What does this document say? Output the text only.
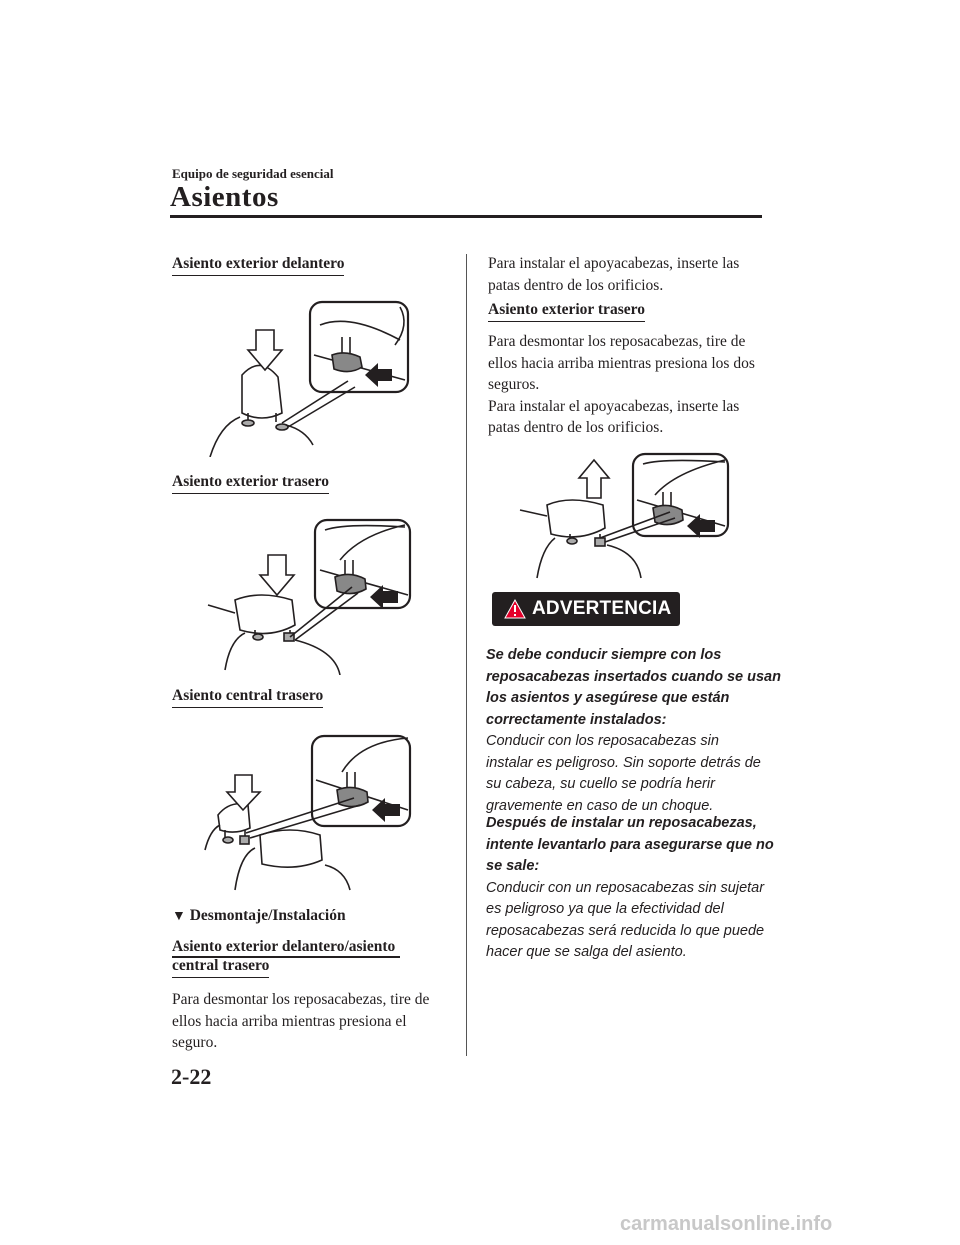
Equipo de seguridad esencial
Asientos
Asiento exterior delantero
Asiento exterior trasero
Asiento central trasero
▼ Desmontaje/Instalación
Asiento exterior delantero/asiento
central trasero
Para desmontar los reposacabezas, tire de
ellos hacia arriba mientras presiona el
seguro.
Para instalar el apoyacabezas, inserte las
patas dentro de los orificios.
Asiento exterior trasero
Para desmontar los reposacabezas, tire de
ellos hacia arriba mientras presiona los dos
seguros.
Para instalar el apoyacabezas, inserte las
patas dentro de los orificios.
ADVERTENCIA
Se debe conducir siempre con los
reposacabezas insertados cuando se usan
los asientos y asegúrese que están
correctamente instalados:
Conducir con los reposacabezas sin
instalar es peligroso. Sin soporte detrás de
su cabeza, su cuello se podría herir
gravemente en caso de un choque.
Después de instalar un reposacabezas,
intente levantarlo para asegurarse que no
se sale:
Conducir con un reposacabezas sin sujetar
es peligroso ya que la efectividad del
reposacabezas será reducida lo que puede
hacer que se salga del asiento.
2-22
carmanualsonline.info
